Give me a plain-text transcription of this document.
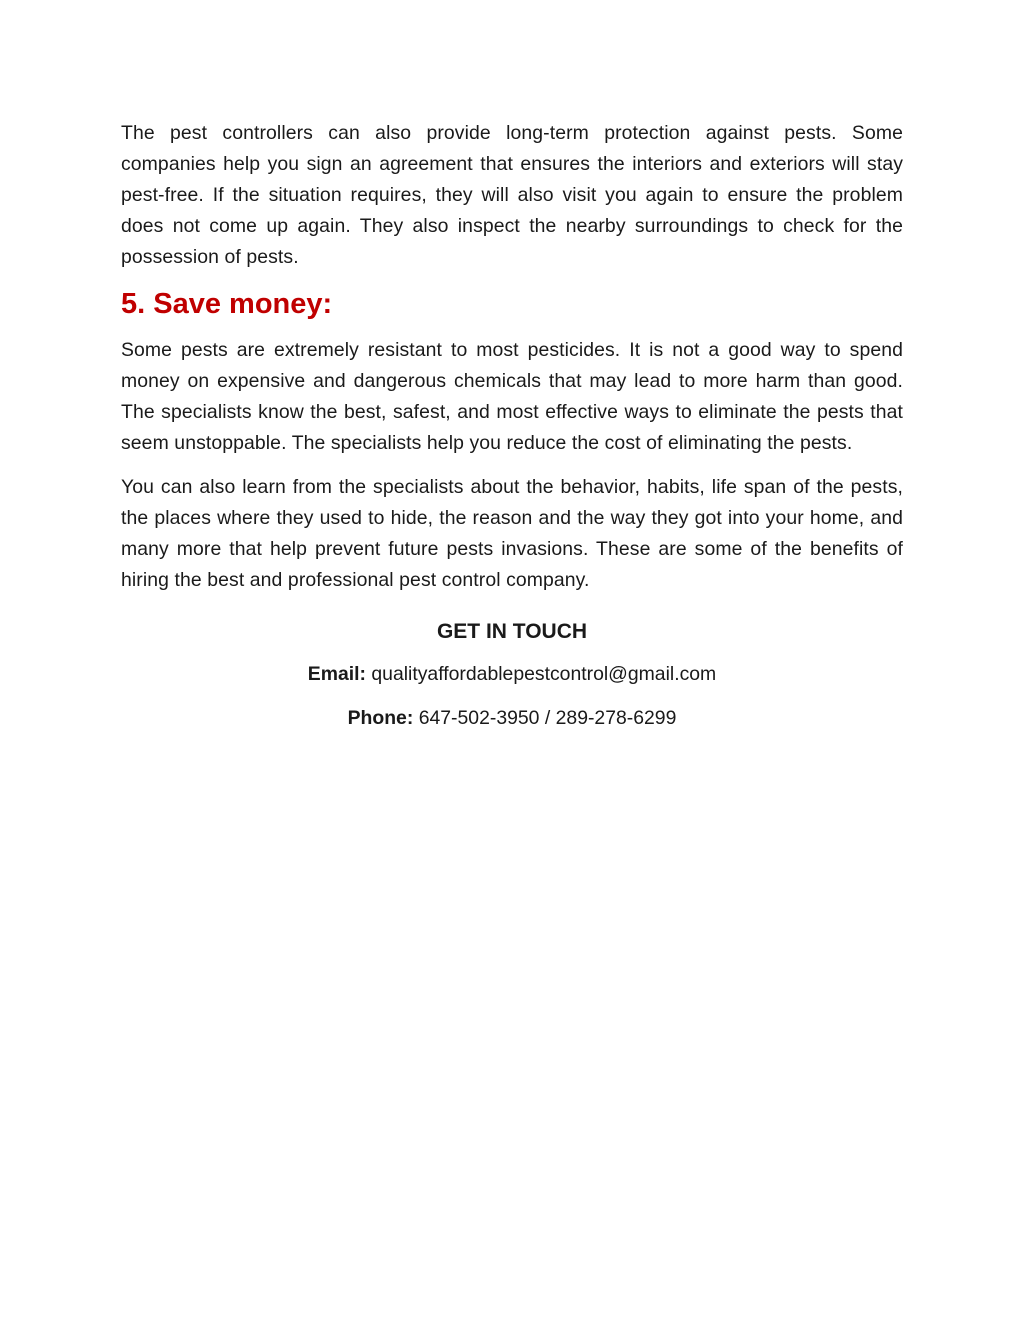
The pest controllers can also provide long-term protection against pests. Some companies help you sign an agreement that ensures the interiors and exteriors will stay pest-free. If the situation requires, they will also visit you again to ensure the problem does not come up again. They also inspect the nearby surroundings to check for the possession of pests.

5. Save money:

Some pests are extremely resistant to most pesticides. It is not a good way to spend money on expensive and dangerous chemicals that may lead to more harm than good. The specialists know the best, safest, and most effective ways to eliminate the pests that seem unstoppable. The specialists help you reduce the cost of eliminating the pests.

You can also learn from the specialists about the behavior, habits, life span of the pests, the places where they used to hide, the reason and the way they got into your home, and many more that help prevent future pests invasions. These are some of the benefits of hiring the best and professional pest control company.

GET IN TOUCH
Email: qualityaffordablepestcontrol@gmail.com
Phone: 647-502-3950 / 289-278-6299
